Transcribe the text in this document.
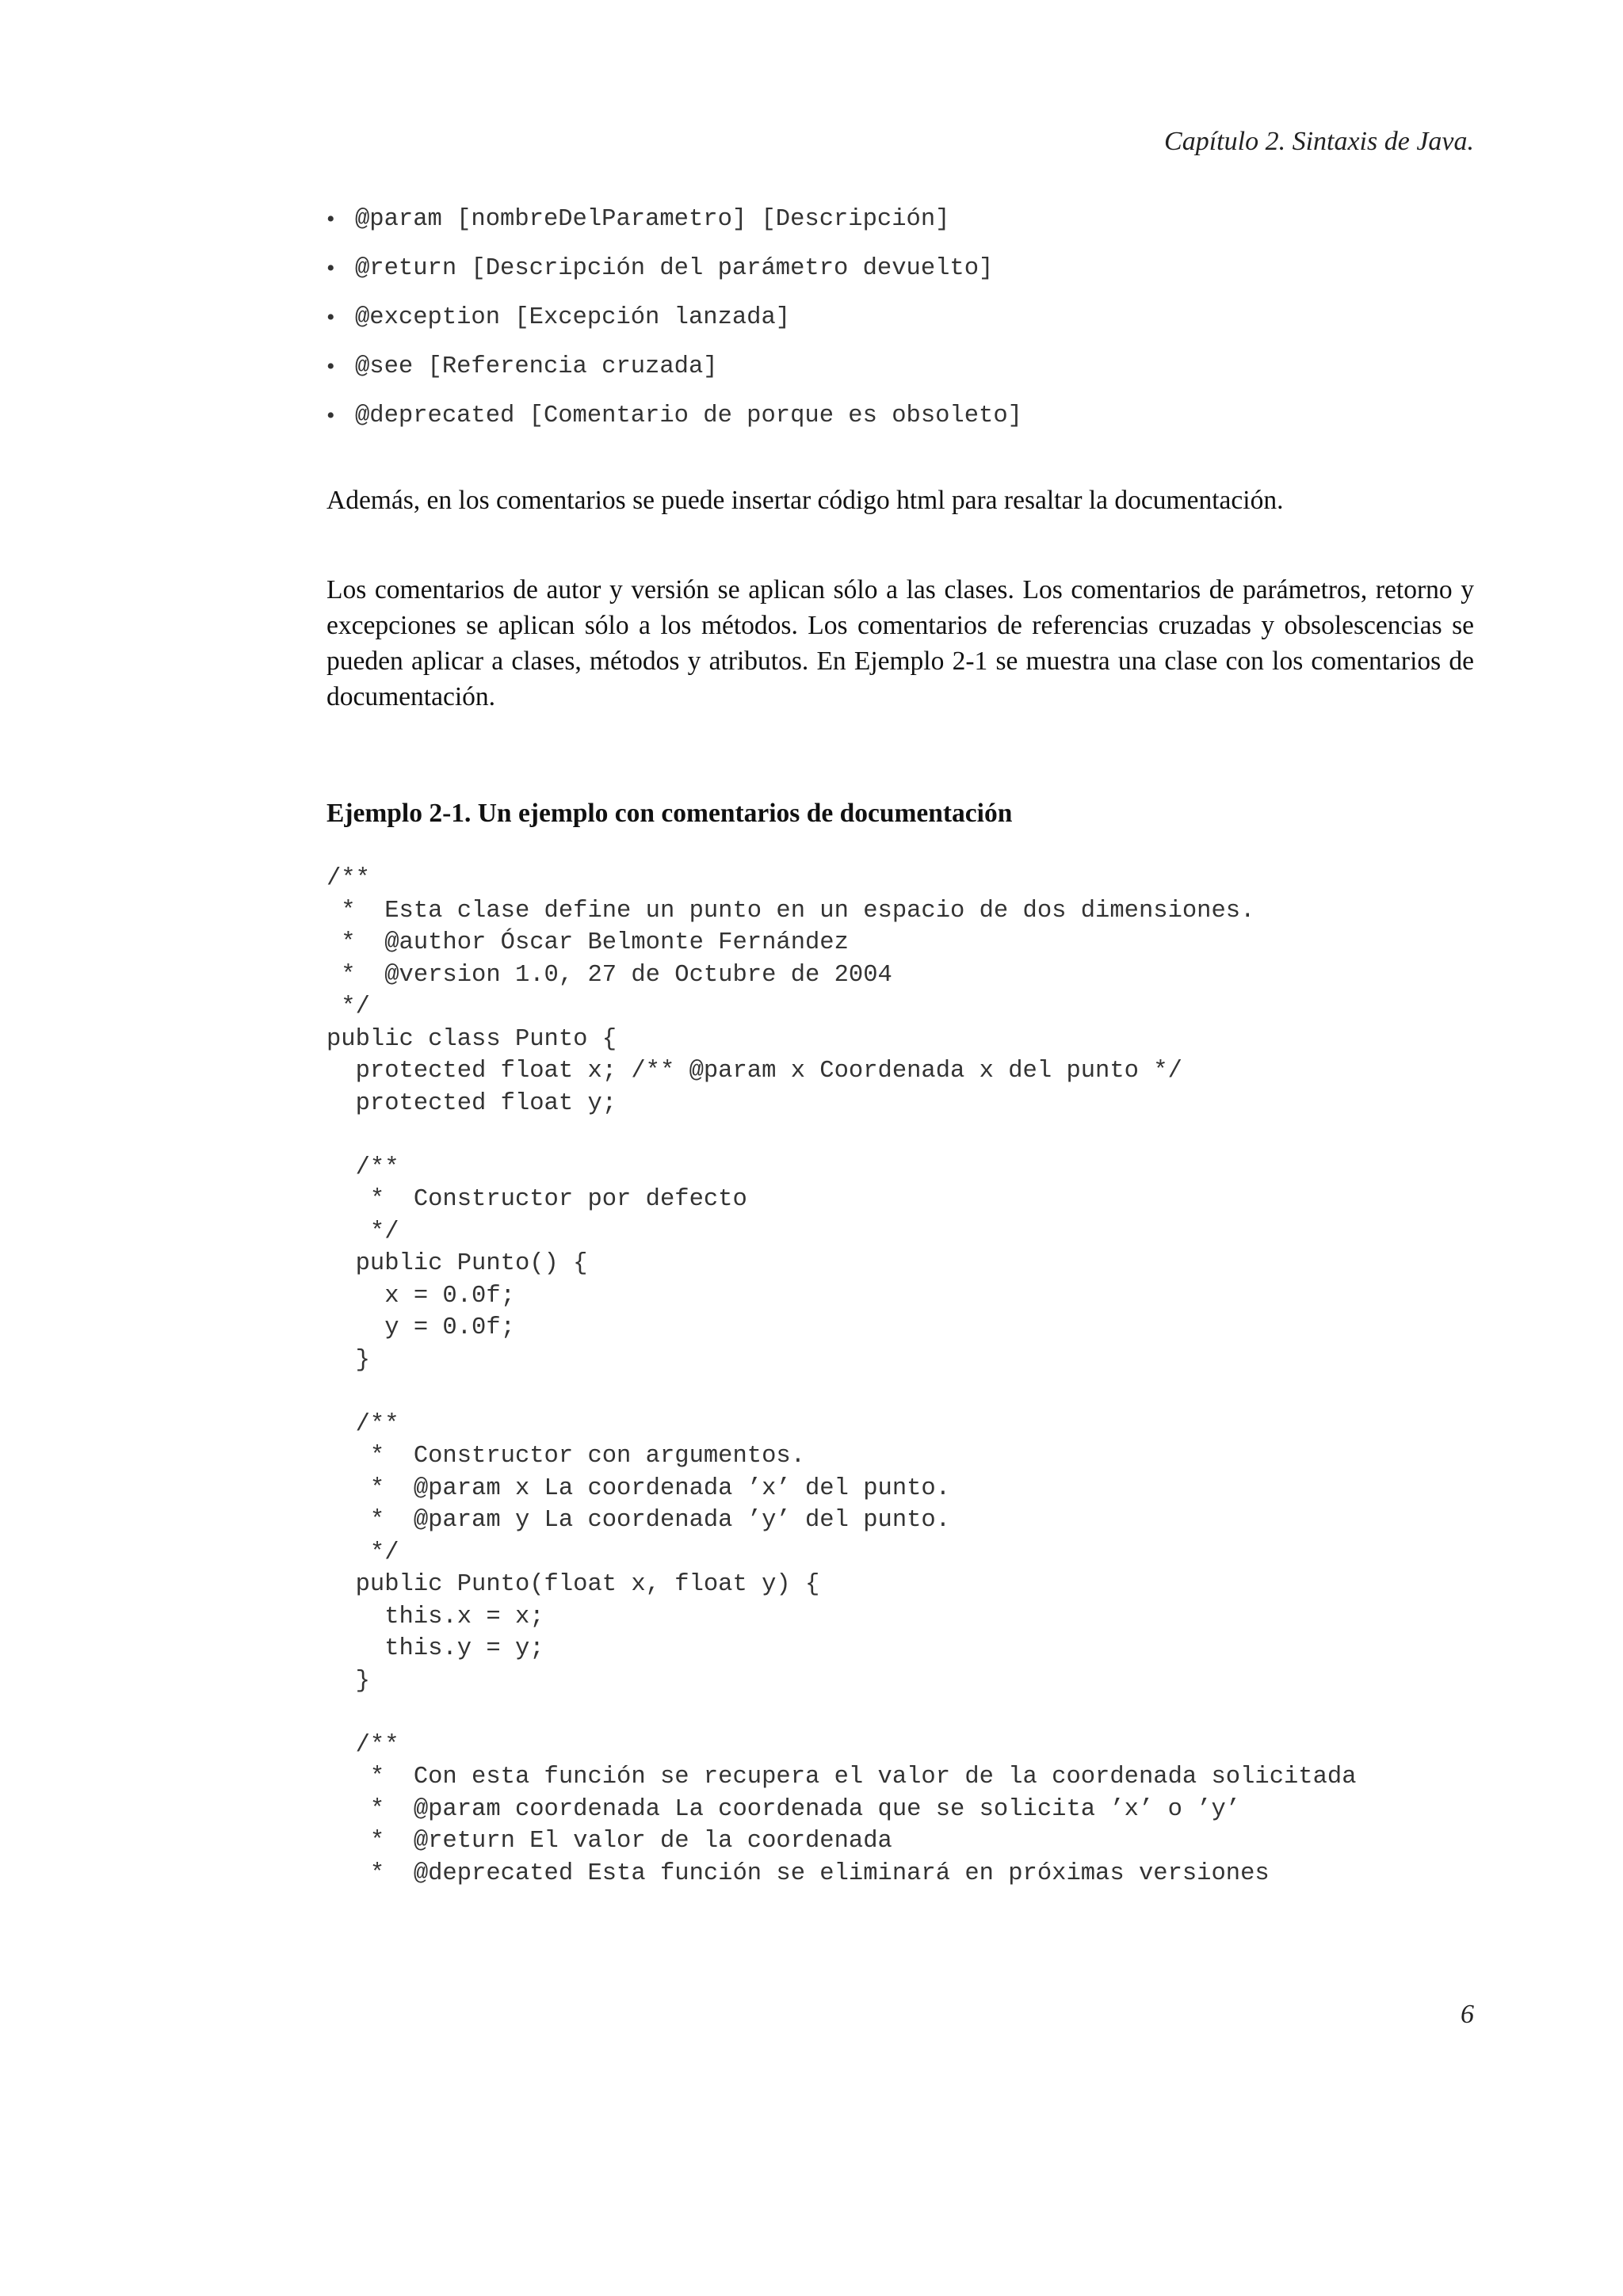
Capítulo 2. Sintaxis de Java.
• @param [nombreDelParametro] [Descripción]
• @return [Descripción del parámetro devuelto]
• @exception [Excepción lanzada]
• @see [Referencia cruzada]
• @deprecated [Comentario de porque es obsoleto]

Además, en los comentarios se puede insertar código html para resaltar la documentación.

Los comentarios de autor y versión se aplican sólo a las clases. Los comentarios de parámetros, retorno y excepciones se aplican sólo a los métodos. Los comentarios de referencias cruzadas y obsolescencias se pueden aplicar a clases, métodos y atributos. En Ejemplo 2-1 se muestra una clase con los comentarios de documentación.

Ejemplo 2-1. Un ejemplo con comentarios de documentación
/**
*  Esta clase define un punto en un espacio de dos dimensiones.
*  @author Óscar Belmonte Fernández
*  @version 1.0, 27 de Octubre de 2004
*/
public class Punto {
protected float x; /** @param x Coordenada x del punto */
protected float y;

/**
*  Constructor por defecto
*/
public Punto() {
x = 0.0f;
y = 0.0f;
}

/**
*  Constructor con argumentos.
*  @param x La coordenada ’x’ del punto.
*  @param y La coordenada ’y’ del punto.
*/
public Punto(float x, float y) {
this.x = x;
this.y = y;
}

/**
*  Con esta función se recupera el valor de la coordenada solicitada
*  @param coordenada La coordenada que se solicita ’x’ o ’y’
*  @return El valor de la coordenada
*  @deprecated Esta función se eliminará en próximas versiones
6
